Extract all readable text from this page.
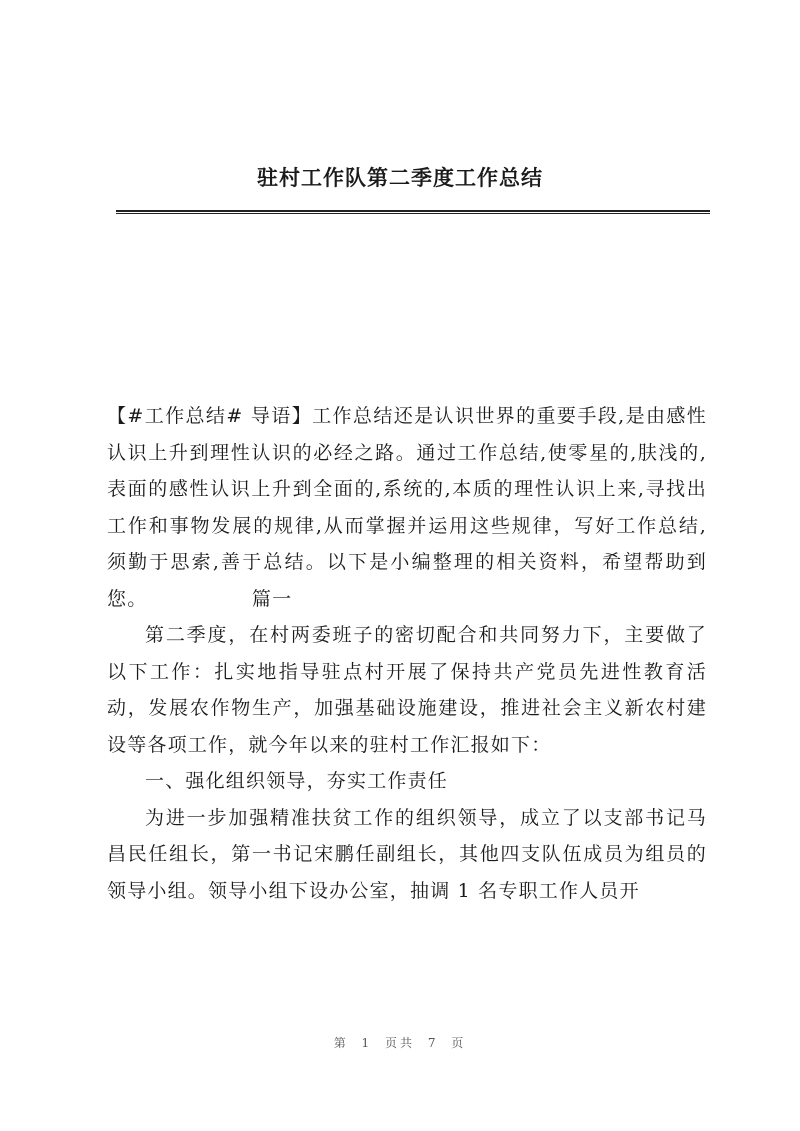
驻村工作队第二季度工作总结

【#工作总结# 导语】工作总结还是认识世界的重要手段,是由感性认识上升到理性认识的必经之路。通过工作总结,使零星的,肤浅的,表面的感性认识上升到全面的,系统的,本质的理性认识上来,寻找出工作和事物发展的规律,从而掌握并运用这些规律，写好工作总结,须勤于思索,善于总结。以下是小编整理的相关资料，希望帮助到您。	篇一

第二季度，在村两委班子的密切配合和共同努力下，主要做了以下工作：扎实地指导驻点村开展了保持共产党员先进性教育活动，发展农作物生产，加强基础设施建设，推进社会主义新农村建设等各项工作，就今年以来的驻村工作汇报如下：

一、强化组织领导，夯实工作责任

为进一步加强精准扶贫工作的组织领导，成立了以支部书记马昌民任组长，第一书记宋鹏任副组长，其他四支队伍成员为组员的领导小组。领导小组下设办公室，抽调 1 名专职工作人员开

第 1 页共 7 页
